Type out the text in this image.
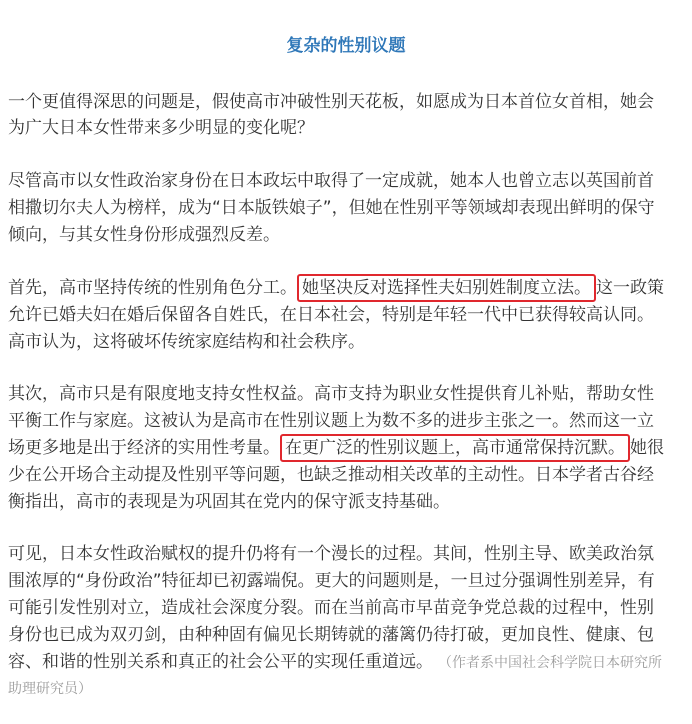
复杂的性别议题
一个更值得深思的问题是，假使高市冲破性别天花板，如愿成为日本首位女首相，她会
为广大日本女性带来多少明显的变化呢？
尽管高市以女性政治家身份在日本政坛中取得了一定成就，她本人也曾立志以英国前首
相撒切尔夫人为榜样，成为“日本版铁娘子”，但她在性别平等领域却表现出鲜明的保守
倾向，与其女性身份形成强烈反差。
首先，高市坚持传统的性别角色分工。 她坚决反对选择性夫妇别姓制度立法。 这一政策
允许已婚夫妇在婚后保留各自姓氏，在日本社会，特别是年轻一代中已获得较高认同。
高市认为，这将破坏传统家庭结构和社会秩序。
其次，高市只是有限度地支持女性权益。高市支持为职业女性提供育儿补贴，帮助女性
平衡工作与家庭。这被认为是高市在性别议题上为数不多的进步主张之一。然而这一立
场更多地是出于经济的实用性考量。 在更广泛的性别议题上，高市通常保持沉默。 她很
少在公开场合主动提及性别平等问题，也缺乏推动相关改革的主动性。日本学者古谷经
衡指出，高市的表现是为巩固其在党内的保守派支持基础。
可见，日本女性政治赋权的提升仍将有一个漫长的过程。其间，性别主导、欧美政治氛
围浓厚的“身份政治”特征却已初露端倪。更大的问题则是，一旦过分强调性别差异，有
可能引发性别对立，造成社会深度分裂。而在当前高市早苗竞争党总裁的过程中，性别
身份也已成为双刃剑，由种种固有偏见长期铸就的藩篱仍待打破，更加良性、健康、包
容、和谐的性别关系和真正的社会公平的实现任重道远。 （作者系中国社会科学院日本研究所
助理研究员）
